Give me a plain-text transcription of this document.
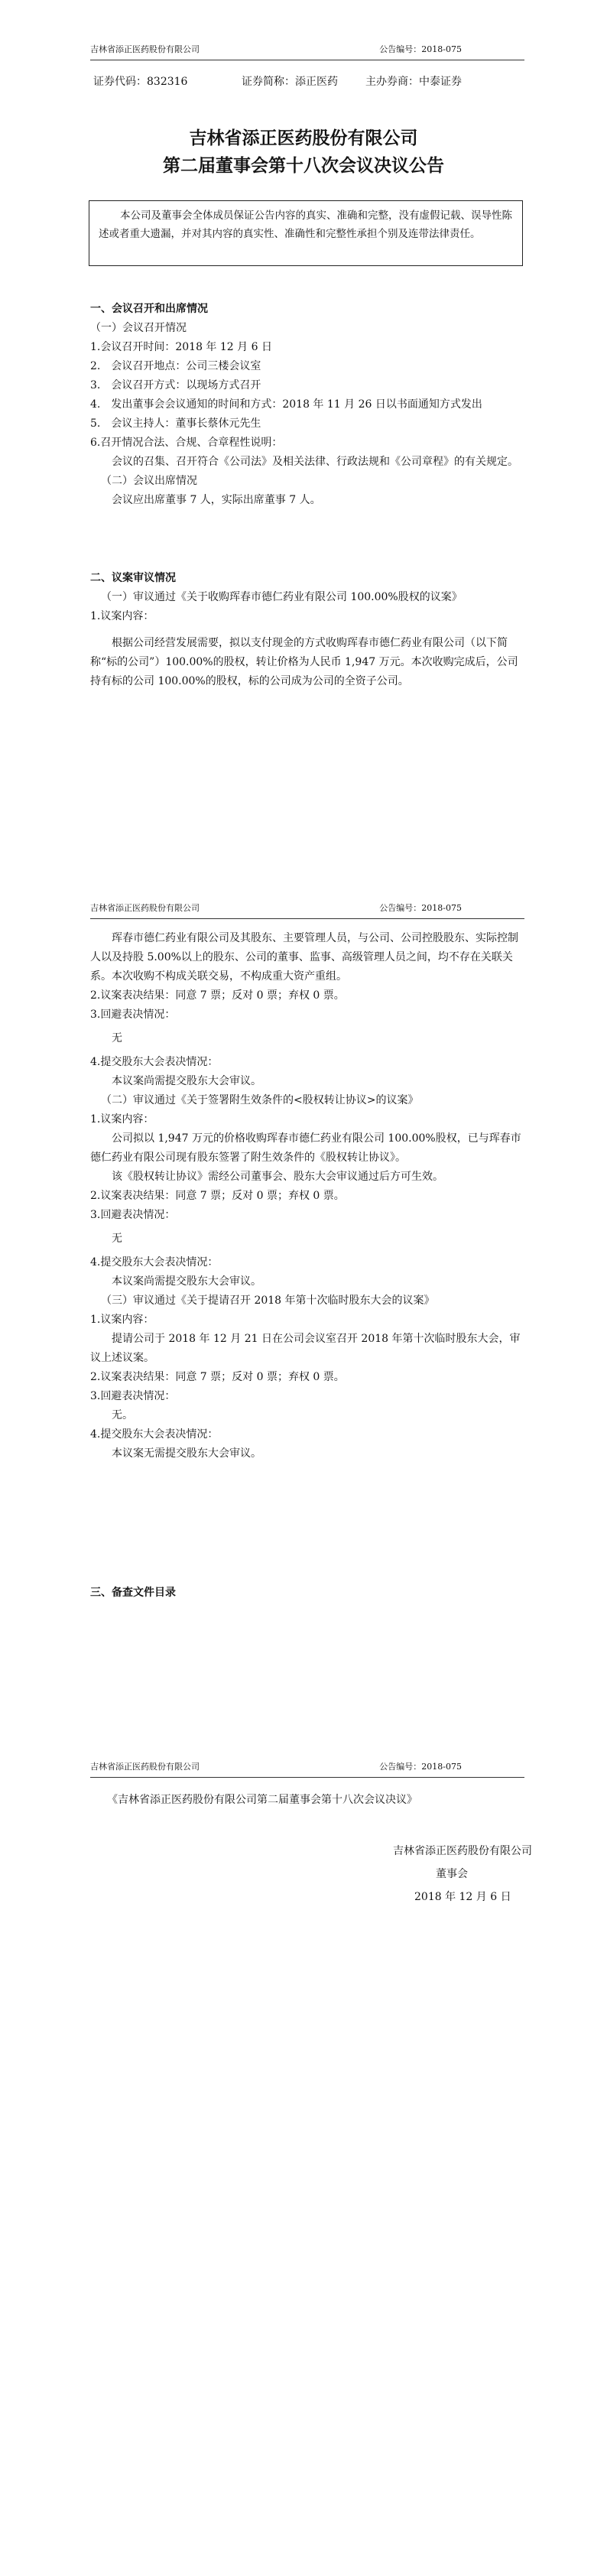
吉林省添正医药股份有限公司	公告编号：2018-075
证券代码：832316	证券简称：添正医药	主办券商：中泰证券
吉林省添正医药股份有限公司
第二届董事会第十八次会议决议公告
本公司及董事会全体成员保证公告内容的真实、准确和完整，没有虚假记载、误导性陈述或者重大遗漏，并对其内容的真实性、准确性和完整性承担个别及连带法律责任。

一、会议召开和出席情况

（一）会议召开情况

1.会议召开时间：2018 年 12 月 6 日

2.　会议召开地点：公司三楼会议室

3.　会议召开方式：以现场方式召开

4.　发出董事会会议通知的时间和方式：2018 年 11 月 26 日以书面通知方式发出

5.　会议主持人：董事长蔡休元先生

6.召开情况合法、合规、合章程性说明：

会议的召集、召开符合《公司法》及相关法律、行政法规和《公司章程》的有关规定。

（二）会议出席情况

会议应出席董事 7 人，实际出席董事 7 人。

二、议案审议情况

（一）审议通过《关于收购珲春市德仁药业有限公司 100.00%股权的议案》

1.议案内容：

根据公司经营发展需要，拟以支付现金的方式收购珲春市德仁药业有限公司（以下简称“标的公司”）100.00%的股权，转让价格为人民币 1,947 万元。本次收购完成后，公司持有标的公司 100.00%的股权，标的公司成为公司的全资子公司。

吉林省添正医药股份有限公司	公告编号：2018-075

珲春市德仁药业有限公司及其股东、主要管理人员，与公司、公司控股股东、实际控制人以及持股 5.00%以上的股东、公司的董事、监事、高级管理人员之间，均不存在关联关系。本次收购不构成关联交易，不构成重大资产重组。

2.议案表决结果：同意 7 票；反对 0 票；弃权 0 票。

3.回避表决情况：

无

4.提交股东大会表决情况：

本议案尚需提交股东大会审议。

（二）审议通过《关于签署附生效条件的<股权转让协议>的议案》

1.议案内容：

公司拟以 1,947 万元的价格收购珲春市德仁药业有限公司 100.00%股权，已与珲春市德仁药业有限公司现有股东签署了附生效条件的《股权转让协议》。

该《股权转让协议》需经公司董事会、股东大会审议通过后方可生效。

2.议案表决结果：同意 7 票；反对 0 票；弃权 0 票。

3.回避表决情况：

无

4.提交股东大会表决情况：

本议案尚需提交股东大会审议。

（三）审议通过《关于提请召开 2018 年第十次临时股东大会的议案》

1.议案内容：

提请公司于 2018 年 12 月 21 日在公司会议室召开 2018 年第十次临时股东大会，审议上述议案。

2.议案表决结果：同意 7 票；反对 0 票；弃权 0 票。

3.回避表决情况：

无。

4.提交股东大会表决情况：

本议案无需提交股东大会审议。

三、备查文件目录

吉林省添正医药股份有限公司	公告编号：2018-075

《吉林省添正医药股份有限公司第二届董事会第十八次会议决议》

吉林省添正医药股份有限公司
董事会
2018 年 12 月 6 日
